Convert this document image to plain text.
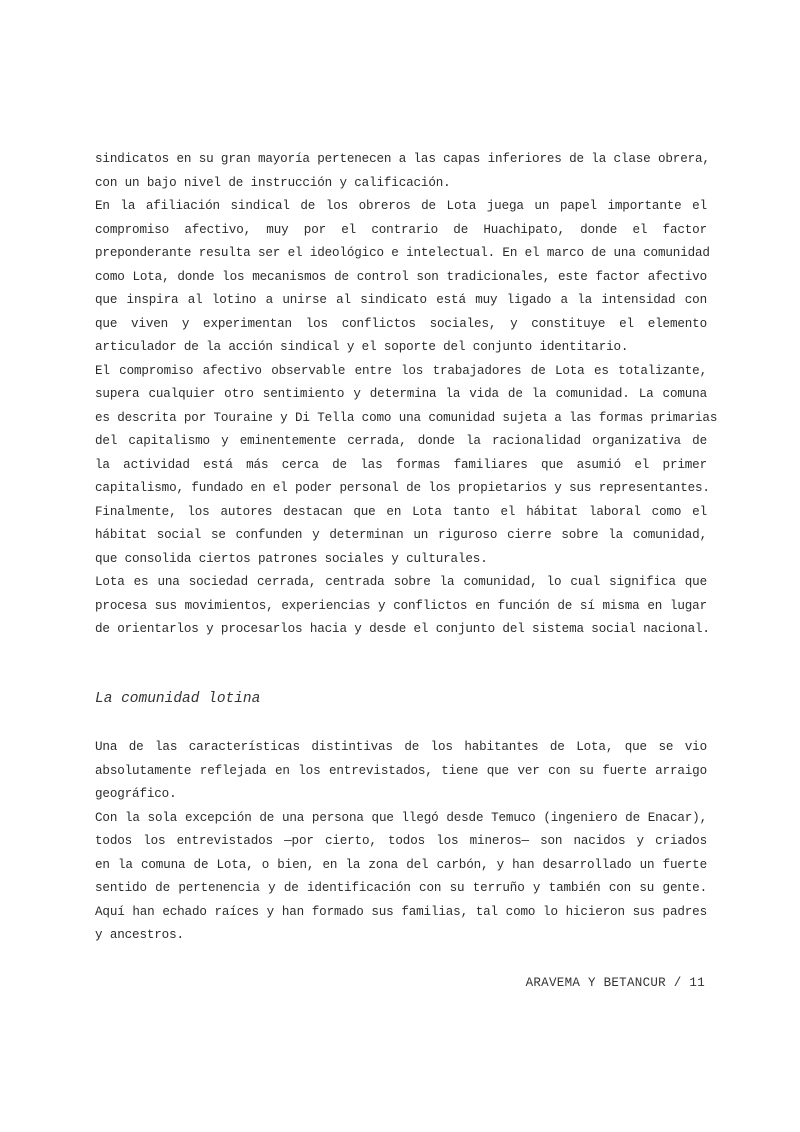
sindicatos en su gran mayoría pertenecen a las capas inferiores de la clase obrera,
con un bajo nivel de instrucción y calificación.
En la afiliación sindical de los obreros de Lota juega un papel importante el
compromiso afectivo, muy por el contrario de Huachipato, donde el factor
preponderante resulta ser el ideológico e intelectual. En el marco de una comunidad
como Lota, donde los mecanismos de control son tradicionales, este factor afectivo
que inspira al lotino a unirse al sindicato está muy ligado a la intensidad con
que viven y experimentan los conflictos sociales, y constituye el elemento
articulador de la acción sindical y el soporte del conjunto identitario.
El compromiso afectivo observable entre los trabajadores de Lota es totalizante,
supera cualquier otro sentimiento y determina la vida de la comunidad. La comuna
es descrita por Touraine y Di Tella como una comunidad sujeta a las formas primarias
del capitalismo y eminentemente cerrada, donde la racionalidad organizativa de
la actividad está más cerca de las formas familiares que asumió el primer
capitalismo, fundado en el poder personal de los propietarios y sus representantes.
Finalmente, los autores destacan que en Lota tanto el hábitat laboral como el
hábitat social se confunden y determinan un riguroso cierre sobre la comunidad,
que consolida ciertos patrones sociales y culturales.
Lota es una sociedad cerrada, centrada sobre la comunidad, lo cual significa que
procesa sus movimientos, experiencias y conflictos en función de sí misma en lugar
de orientarlos y procesarlos hacia y desde el conjunto del sistema social nacional.
Una de las características distintivas de los habitantes de Lota, que se vio
absolutamente reflejada en los entrevistados, tiene que ver con su fuerte arraigo
geográfico.
Con la sola excepción de una persona que llegó desde Temuco (ingeniero de Enacar),
todos los entrevistados —por cierto, todos los mineros— son nacidos y criados
en la comuna de Lota, o bien, en la zona del carbón, y han desarrollado un fuerte
sentido de pertenencia y de identificación con su terruño y también con su gente.
Aquí han echado raíces y han formado sus familias, tal como lo hicieron sus padres
y ancestros.
La comunidad lotina
ARAVEMA Y BETANCUR / 11
